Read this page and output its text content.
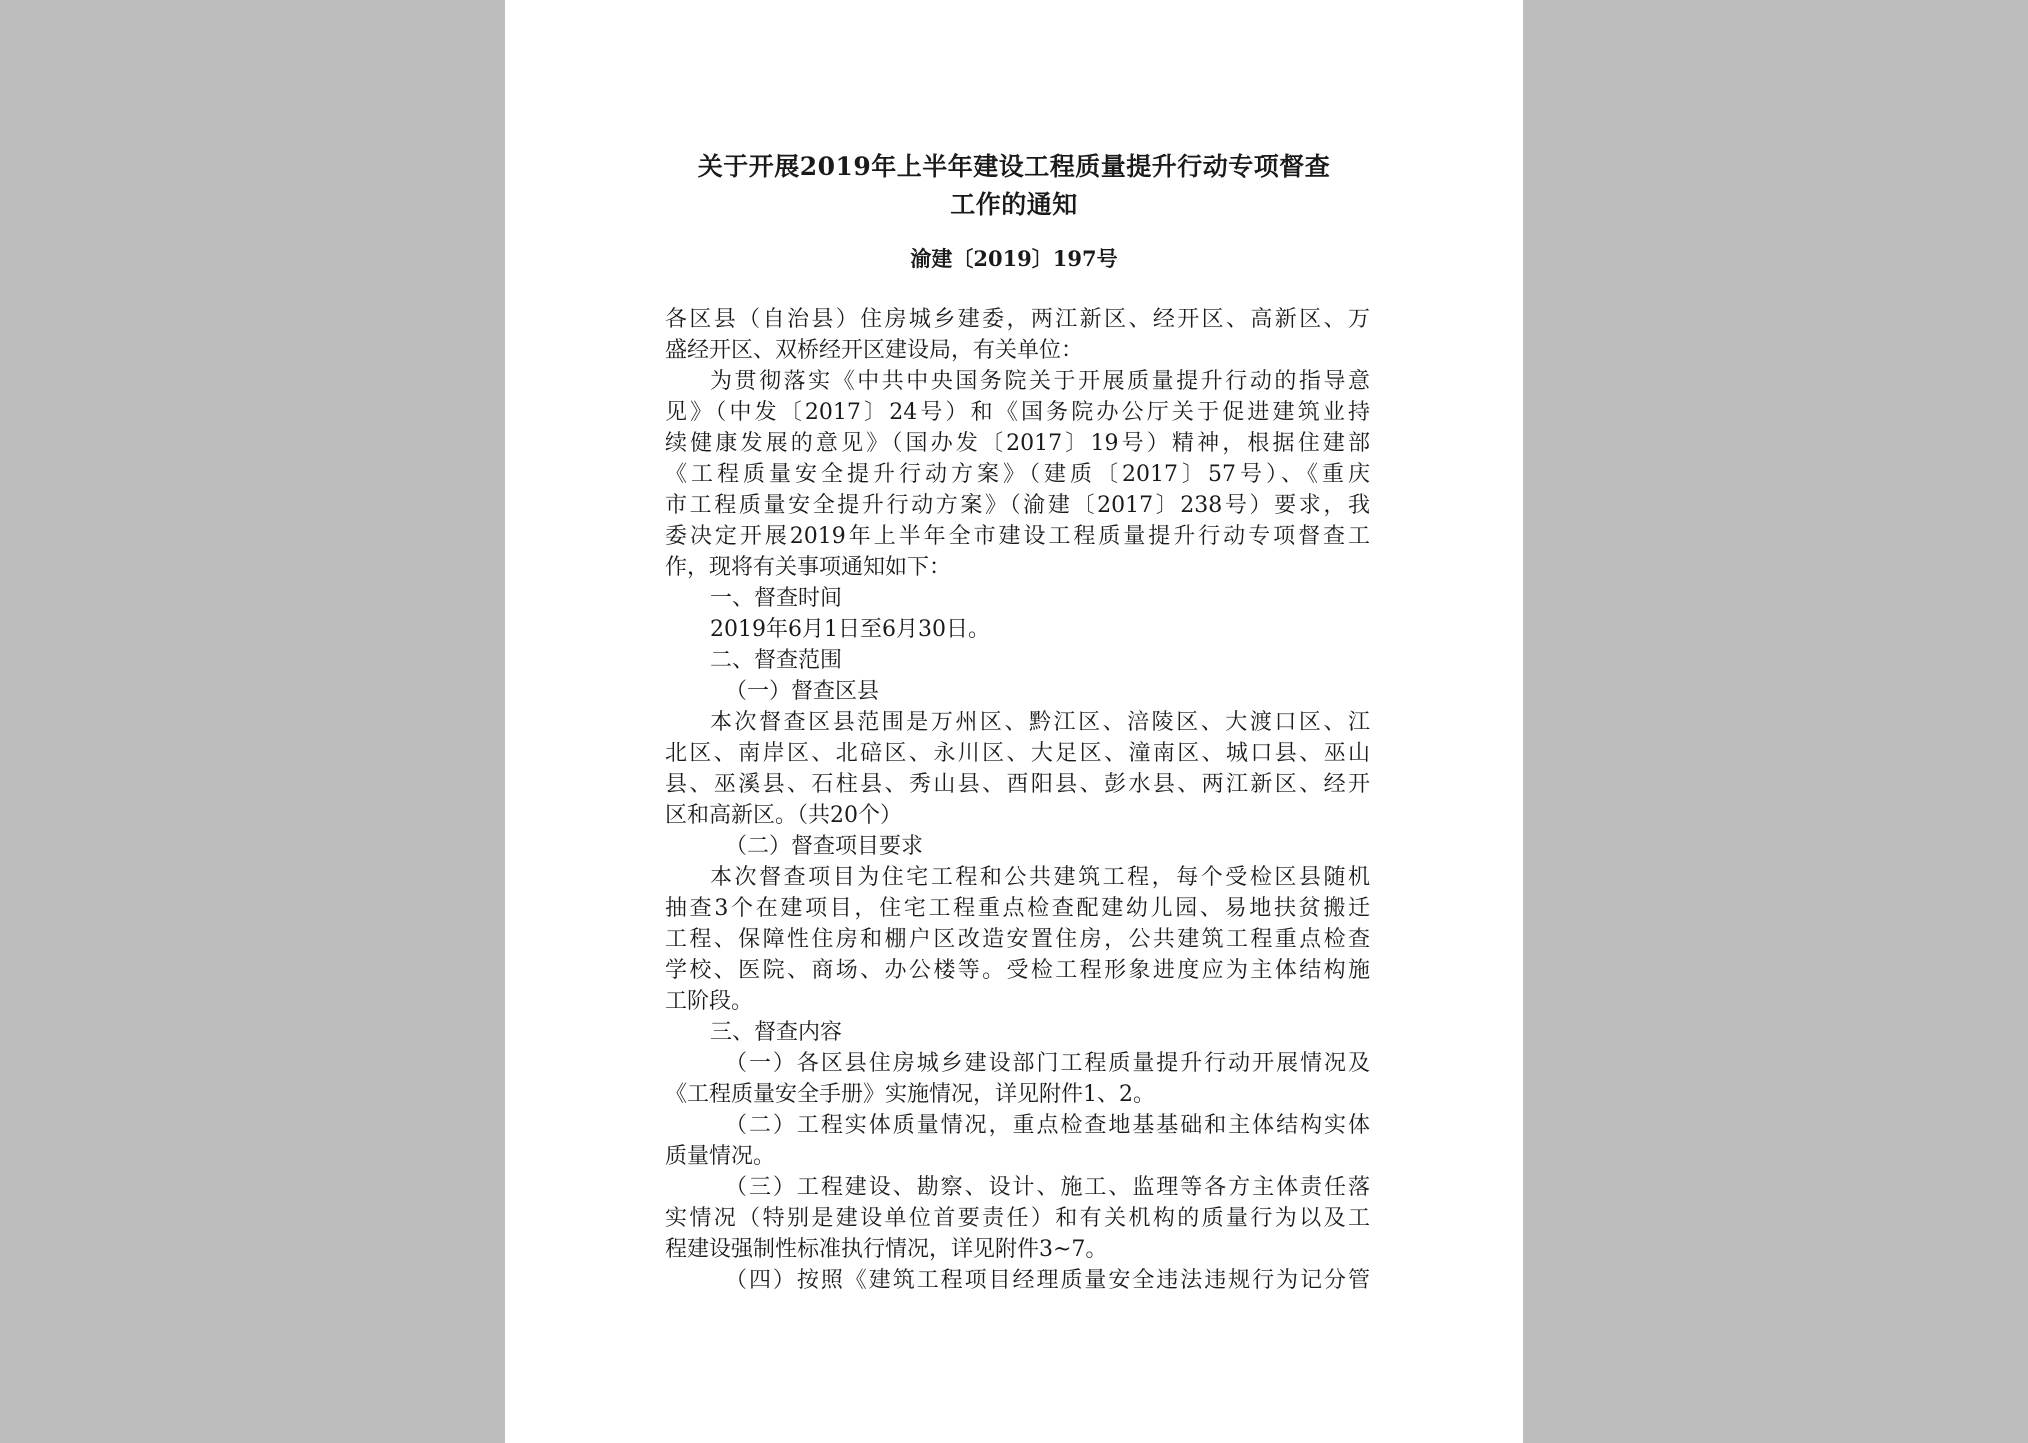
关于开展2019年上半年建设工程质量提升行动专项督查
工作的通知
渝建〔2019〕197号
各区县（自治县）住房城乡建委，两江新区、经开区、高新区、万
盛经开区、双桥经开区建设局，有关单位：
为贯彻落实《中共中央国务院关于开展质量提升行动的指导意
见》（中发〔2017〕24号）和《国务院办公厅关于促进建筑业持
续健康发展的意见》（国办发〔2017〕19号）精神，根据住建部
《工程质量安全提升行动方案》（建质〔2017〕57号）、《重庆
市工程质量安全提升行动方案》（渝建〔2017〕238号）要求，我
委决定开展2019年上半年全市建设工程质量提升行动专项督查工
作，现将有关事项通知如下：
一、督查时间
2019年6月1日至6月30日。
二、督查范围
（一）督查区县
本次督查区县范围是万州区、黔江区、涪陵区、大渡口区、江
北区、南岸区、北碚区、永川区、大足区、潼南区、城口县、巫山
县、巫溪县、石柱县、秀山县、酉阳县、彭水县、两江新区、经开
区和高新区。（共20个）
（二）督查项目要求
本次督查项目为住宅工程和公共建筑工程，每个受检区县随机
抽查3个在建项目，住宅工程重点检查配建幼儿园、易地扶贫搬迁
工程、保障性住房和棚户区改造安置住房，公共建筑工程重点检查
学校、医院、商场、办公楼等。受检工程形象进度应为主体结构施
工阶段。
三、督查内容
（一）各区县住房城乡建设部门工程质量提升行动开展情况及
《工程质量安全手册》实施情况，详见附件1、2。
（二）工程实体质量情况，重点检查地基基础和主体结构实体
质量情况。
（三）工程建设、勘察、设计、施工、监理等各方主体责任落
实情况（特别是建设单位首要责任）和有关机构的质量行为以及工
程建设强制性标准执行情况，详见附件3~7。
（四）按照《建筑工程项目经理质量安全违法违规行为记分管
